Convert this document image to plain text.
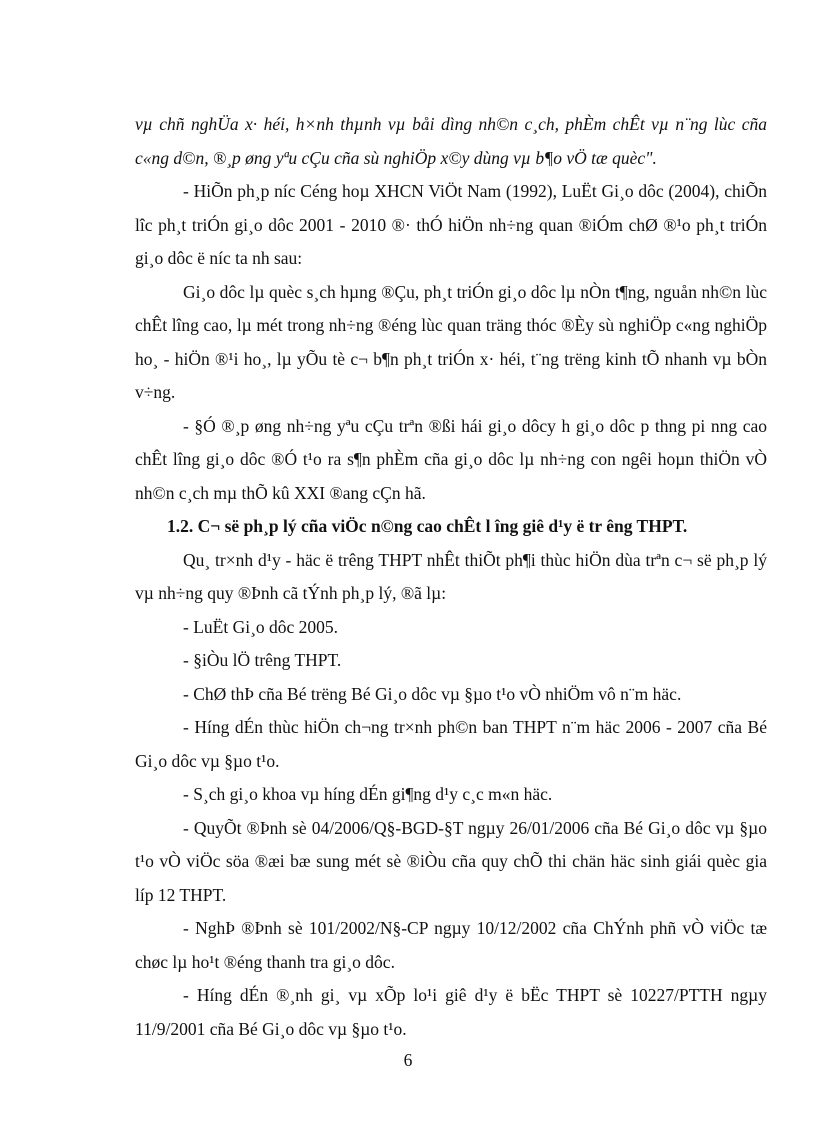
vµ chñ nghÜa x· héi, h×nh thµnh vµ båi dìng nh©n c¸ch, phÈm chÊt vµ n¨ng lùc cña c«ng d©n, ®¸p øng yªu cÇu cña sù nghiÖp x©y dùng vµ b¶o vÖ tæ quèc".

- HiÕn ph¸p níc Céng hoµ XHCN ViÖt Nam (1992), LuËt Gi¸o dôc (2004), chiÕn lîc ph¸t triÓn gi¸o dôc 2001 - 2010 ®· thÓ hiÖn nh÷ng quan ®iÓm chØ ®¹o ph¸t triÓn gi¸o dôc ë níc ta nh sau:

Gi¸o dôc lµ quèc s¸ch hµng ®Çu, ph¸t triÓn gi¸o dôc lµ nÒn t¶ng, nguån nh©n lùc chÊt lîng cao, lµ mét trong nh÷ng ®éng lùc quan träng thóc ®Èy sù nghiÖp c«ng nghiÖp ho¸ - hiÖn ®¹i ho¸, lµ yÕu tè c¬ b¶n ph¸t triÓn x· héi, t¨ng trëng kinh tÕ nhanh vµ bÒn v÷ng.

- §Ó ®¸p øng nh÷ng yªu cÇu trªn ®ßi hái gi¸o dôcy h gi¸o dôc p thng pi nng cao chÊt lîng gi¸o dôc ®Ó t¹o ra s¶n phÈm cña gi¸o dôc lµ nh÷ng con ngêi hoµn thiÖn vÒ nh©n c¸ch mµ thÕ kû XXI ®ang cÇn hã.

1.2. C¬ së ph¸p lý cña viÖc n©ng cao chÊt l îng giê d¹y ë tr êng THPT.

Qu¸ tr×nh d¹y - häc ë trêng THPT nhÊt thiÕt ph¶i thùc hiÖn dùa trªn c¬ së ph¸p lý vµ nh÷ng quy ®Þnh cã tÝnh ph¸p lý, ®ã lµ:

- LuËt Gi¸o dôc 2005.

- §iÒu lÖ trêng THPT.

- ChØ thÞ cña Bé trëng Bé Gi¸o dôc vµ §µo t¹o vÒ nhiÖm vô n¨m häc.

- Híng dÉn thùc hiÖn ch¬ng tr×nh ph©n ban THPT n¨m häc 2006 - 2007 cña Bé Gi¸o dôc vµ §µo t¹o.

- S¸ch gi¸o khoa vµ híng dÉn gi¶ng d¹y c¸c m«n häc.

- QuyÕt ®Þnh sè 04/2006/Q§-BGD-§T ngµy 26/01/2006 cña Bé Gi¸o dôc vµ §µo t¹o vÒ viÖc söa ®æi bæ sung mét sè ®iÒu cña quy chÕ thi chän häc sinh giái quèc gia líp 12 THPT.

- NghÞ ®Þnh sè 101/2002/N§-CP ngµy 10/12/2002 cña ChÝnh phñ vÒ viÖc tæ chøc lµ ho¹t ®éng thanh tra gi¸o dôc.

- Híng dÉn ®¸nh gi¸ vµ xÕp lo¹i giê d¹y ë bËc THPT sè 10227/PTTH ngµy 11/9/2001 cña Bé Gi¸o dôc vµ §µo t¹o.

6
